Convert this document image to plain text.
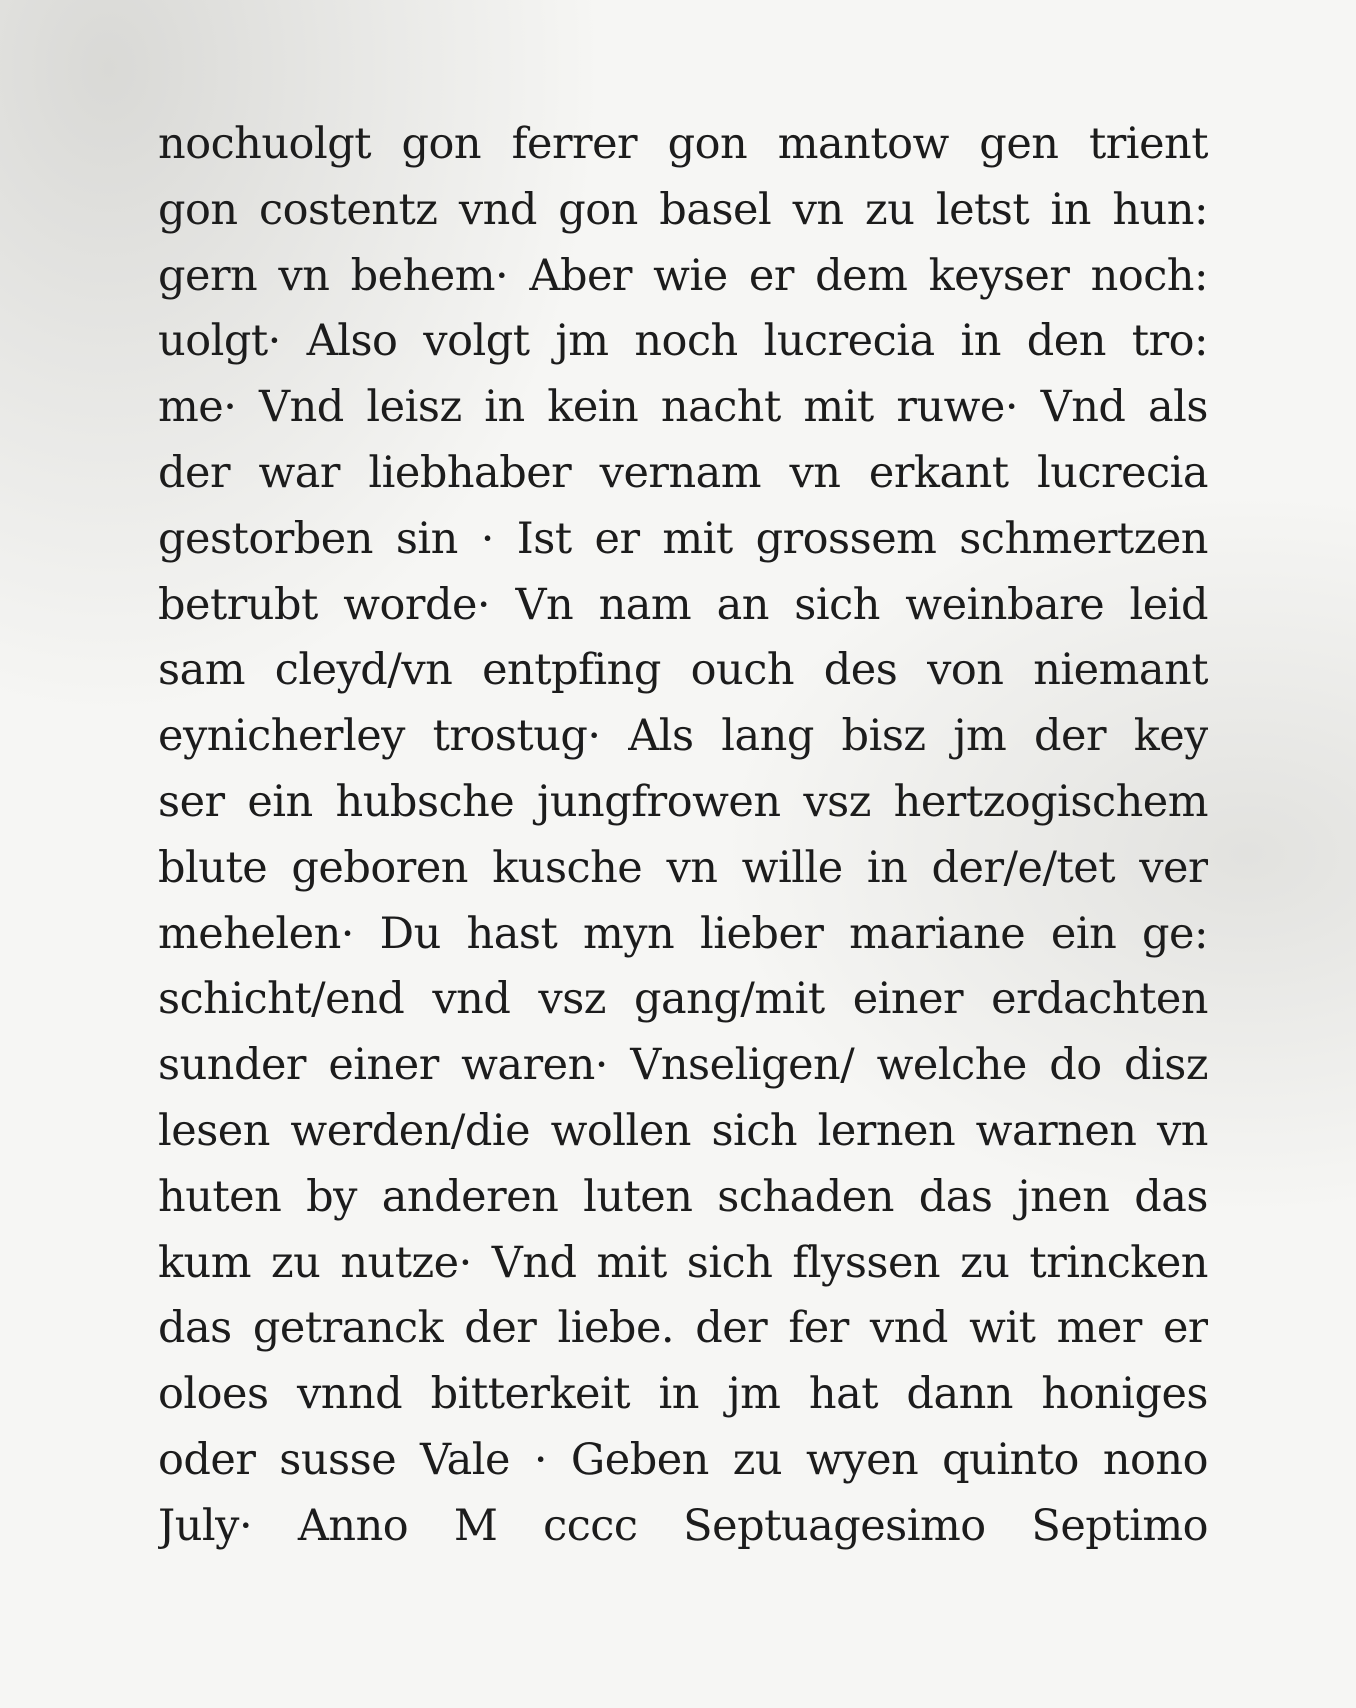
nochuolgt gon ferrer gon mantow gen trient
gon costentz vnd gon basel vn zu letst in hun:
gern vn behem· Aber wie er dem keyser noch:
uolgt· Also volgt jm noch lucrecia in den tro:
me· Vnd leisz in kein nacht mit ruwe· Vnd als
der war liebhaber vernam vn erkant lucrecia
gestorben sin · Ist er mit grossem schmertzen
betrubt worde· Vn nam an sich weinbare leid
sam cleyd/vn entpfing ouch des von niemant
eynicherley trostug· Als lang bisz jm der key
ser ein hubsche jungfrowen vsz hertzogischem
blute geboren kusche vn wille in der/e/tet ver
mehelen· Du hast myn lieber mariane ein ge:
schicht/end vnd vsz gang/mit einer erdachten
sunder einer waren· Vnseligen/ welche do disz
lesen werden/die wollen sich lernen warnen vn
huten by anderen luten schaden das jnen das
kum zu nutze· Vnd mit sich flyssen zu trincken
das getranck der liebe. der fer vnd wit mer er
oloes vnnd bitterkeit in jm hat dann honiges
oder susse Vale · Geben zu wyen quinto nono
July· Anno M cccc Septuagesimo Septimo
